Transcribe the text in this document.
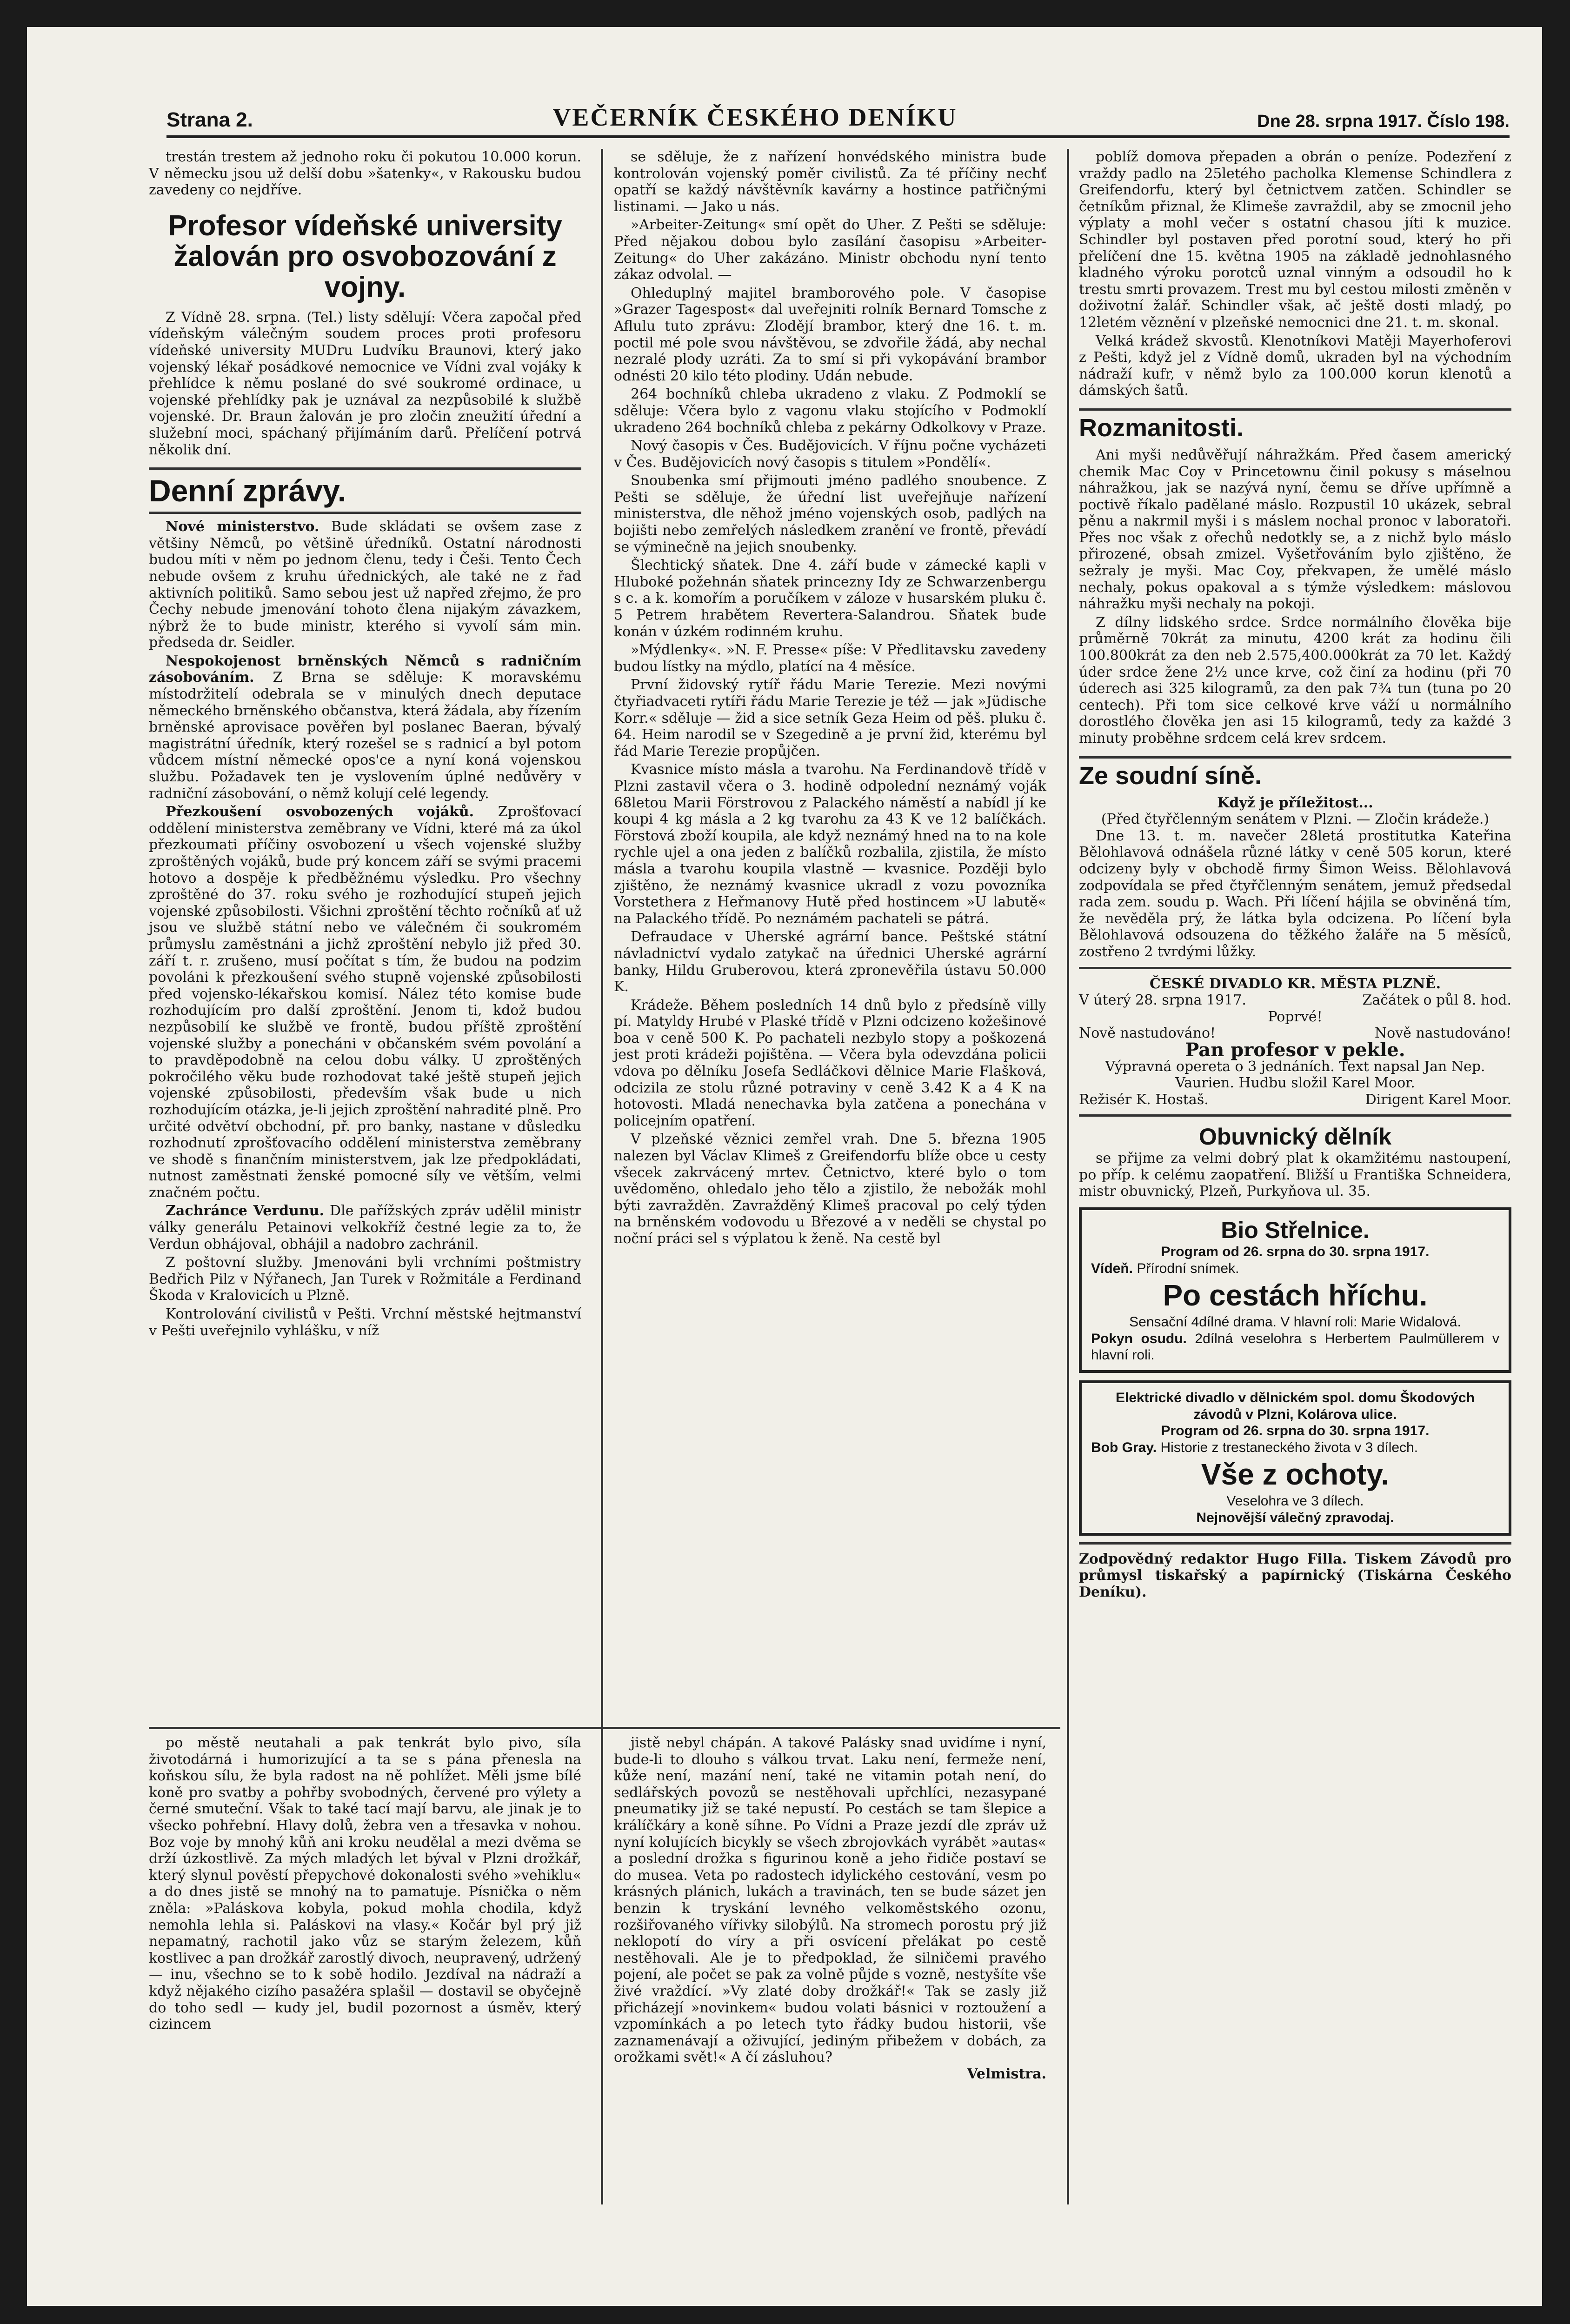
Strana 2.	VEČERNÍK ČESKÉHO DENÍKU	Dne 28. srpna 1917. Číslo 198.

trestán trestem až jednoho roku či pokutou 10.000 korun. V německu jsou už delší dobu »šatenky«, v Rakousku budou zavedeny co nejdříve.

Profesor vídeňské university žalován pro osvobozování z vojny.

Z Vídně 28. srpna. (Tel.) listy sdělují: Včera započal před vídeňským válečným soudem proces proti profesoru vídeňské university MUDru Ludvíku Braunovi, který jako vojenský lékař posádkové nemocnice ve Vídni zval vojáky k přehlídce k němu poslané do své soukromé ordinace, u vojenské přehlídky pak je uznával za nezpůsobilé k službě vojenské. Dr. Braun žalován je pro zločin zneužití úřední a služební moci, spáchaný přijímáním darů. Přelíčení potrvá několik dní.

Denní zprávy.

Nové ministerstvo. Bude skládati se ovšem zase z většiny Němců, po většině úředníků. Ostatní národnosti budou míti v něm po jednom členu, tedy i Češi. Tento Čech nebude ovšem z kruhu úřednických, ale také ne z řad aktivních politiků. Samo sebou jest už napřed zřejmo, že pro Čechy nebude jmenování tohoto člena nijakým závazkem, nýbrž že to bude ministr, kterého si vyvolí sám min. předseda dr. Seidler.

Nespokojenost brněnských Němců s radničním zásobováním. Z Brna se sděluje: K moravskému místodržitelí odebrala se v minulých dnech deputace německého brněnského občanstva, která žádala, aby řízením brněnské aprovisace pověřen byl poslanec Baeran, bývalý magistrátní úředník, který rozešel se s radnicí a byl potom vůdcem místní německé opos'ce a nyní koná vojenskou službu. Požadavek ten je vyslovením úplné nedůvěry v radniční zásobování, o němž kolují celé legendy.

Přezkoušení osvobozených vojáků. Zprošťovací oddělení ministerstva zeměbrany ve Vídni, které má za úkol přezkoumati příčiny osvobození u všech vojenské služby zproštěných vojáků, bude prý koncem září se svými pracemi hotovo a dospěje k předběžnému výsledku. Pro všechny zproštěné do 37. roku svého je rozhodující stupeň jejich vojenské způsobilosti. Všichni zproštění těchto ročníků ať už jsou ve službě státní nebo ve válečném či soukromém průmyslu zaměstnáni a jichž zproštění nebylo již před 30. září t. r. zrušeno, musí počítat s tím, že budou na podzim povoláni k přezkoušení svého stupně vojenské způsobilosti před vojensko-lékařskou komisí. Nález této komise bude rozhodujícím pro další zproštění. Jenom ti, kdož budou nezpůsobilí ke službě ve frontě, budou příště zproštění vojenské služby a ponecháni v občanském svém povolání a to pravděpodobně na celou dobu války. U zproštěných pokročilého věku bude rozhodovat také ještě stupeň jejich vojenské způsobilosti, především však bude u nich rozhodujícím otázka, je-li jejich zproštění nahradité plně. Pro určité odvětví obchodní, př. pro banky, nastane v důsledku rozhodnutí zprošťovacího oddělení ministerstva zeměbrany ve shodě s finančním ministerstvem, jak lze předpokládati, nutnost zaměstnati ženské pomocné síly ve větším, velmi značném počtu.

Zachránce Verdunu. Dle pařížských zpráv udělil ministr války generálu Petainovi velkokříž čestné legie za to, že Verdun obhájoval, obhájil a nadobro zachránil.

Z poštovní služby. Jmenováni byli vrchními poštmistry Bedřich Pilz v Nýřanech, Jan Turek v Rožmitále a Ferdinand Škoda v Kralovicích u Plzně.

Kontrolování civilistů v Pešti. Vrchní městské hejtmanství v Pešti uveřejnilo vyhlášku, v níž

se sděluje, že z nařízení honvédského ministra bude kontrolován vojenský poměr civilistů. Za té příčiny nechť opatří se každý návštěvník kavárny a hostince patřičnými listinami. — Jako u nás.

»Arbeiter-Zeitung« smí opět do Uher. Z Pešti se sděluje: Před nějakou dobou bylo zasílání časopisu »Arbeiter-Zeitung« do Uher zakázáno. Ministr obchodu nyní tento zákaz odvolal. —

Ohleduplný majitel bramborového pole. V časopise »Grazer Tagespost« dal uveřejniti rolník Bernard Tomsche z Aflulu tuto zprávu: Zlodějí brambor, který dne 16. t. m. poctil mé pole svou návštěvou, se zdvořile žádá, aby nechal nezralé plody uzráti. Za to smí si při vykopávání brambor odnésti 20 kilo této plodiny. Udán nebude.

264 bochníků chleba ukradeno z vlaku. Z Podmoklí se sděluje: Včera bylo z vagonu vlaku stojícího v Podmoklí ukradeno 264 bochníků chleba z pekárny Odkolkovy v Praze.

Nový časopis v Čes. Budějovicích. V říjnu počne vycházeti v Čes. Budějovicích nový časopis s titulem »Pondělí«.

Snoubenka smí přijmouti jméno padlého snoubence. Z Pešti se sděluje, že úřední list uveřejňuje nařízení ministerstva, dle něhož jméno vojenských osob, padlých na bojišti nebo zemřelých následkem zranění ve frontě, převádí se výminečně na jejich snoubenky.

Šlechtický sňatek. Dne 4. září bude v zámecké kapli v Hluboké požehnán sňatek princezny Idy ze Schwarzenbergu s c. a k. komořím a poručíkem v záloze v husarském pluku č. 5 Petrem hrabětem Revertera-Salandrou. Sňatek bude konán v úzkém rodinném kruhu.

»Mýdlenky«. »N. F. Presse« píše: V Předlitavsku zavedeny budou lístky na mýdlo, platící na 4 měsíce.

První židovský rytíř řádu Marie Terezie. Mezi novými čtyřiadvaceti rytíři řádu Marie Terezie je též — jak »Jüdische Korr.« sděluje — žid a sice setník Geza Heim od pěš. pluku č. 64. Heim narodil se v Szegedině a je první žid, kterému byl řád Marie Terezie propůjčen.

Kvasnice místo másla a tvarohu. Na Ferdinandově třídě v Plzni zastavil včera o 3. hodině odpolední neznámý voják 68letou Marii Förstrovou z Palackého náměstí a nabídl jí ke koupi 4 kg másla a 2 kg tvarohu za 43 K ve 12 balíčkách. Förstová zboží koupila, ale když neznámý hned na to na kole rychle ujel a ona jeden z balíčků rozbalila, zjistila, že místo másla a tvarohu koupila vlastně — kvasnice. Později bylo zjištěno, že neznámý kvasnice ukradl z vozu povozníka Vorstethera z Heřmanovy Hutě před hostincem »U labutě« na Palackého třídě. Po neznámém pachateli se pátrá.

Defraudace v Uherské agrární bance. Peštské státní návladnictví vydalo zatykač na úřednici Uherské agrární banky, Hildu Gruberovou, která zpronevěřila ústavu 50.000 K.

Krádeže. Během posledních 14 dnů bylo z předsíně villy pí. Matyldy Hrubé v Plaské třídě v Plzni odcizeno kožešinové boa v ceně 500 K. Po pachateli nezbylo stopy a poškozená jest proti krádeži pojištěna. — Včera byla odevzdána policii vdova po dělníku Josefa Sedláčkovi dělnice Marie Flašková, odcizila ze stolu různé potraviny v ceně 3.42 K a 4 K na hotovosti. Mladá nenechavka byla zatčena a ponechána v policejním opatření.

V plzeňské věznici zemřel vrah. Dne 5. března 1905 nalezen byl Václav Klimeš z Greifendorfu blíže obce u cesty všecek zakrvácený mrtev. Četnictvo, které bylo o tom uvědoměno, ohledalo jeho tělo a zjistilo, že nebožák mohl býti zavražděn. Zavražděný Klimeš pracoval po celý týden na brněnském vodovodu u Březové a v neděli se chystal po noční práci sel s výplatou k ženě. Na cestě byl

poblíž domova přepaden a obrán o peníze. Podezření z vraždy padlo na 25letého pacholka Klemense Schindlera z Greifendorfu, který byl četnictvem zatčen. Schindler se četníkům přiznal, že Klimeše zavraždil, aby se zmocnil jeho výplaty a mohl večer s ostatní chasou jíti k muzice. Schindler byl postaven před porotní soud, který ho při přelíčení dne 15. května 1905 na základě jednohlasného kladného výroku porotců uznal vinným a odsoudil ho k trestu smrti provazem. Trest mu byl cestou milosti změněn v doživotní žalář. Schindler však, ač ještě dosti mladý, po 12letém věznění v plzeňské nemocnici dne 21. t. m. skonal.

Velká krádež skvostů. Klenotníkovi Matěji Mayerhoferovi z Pešti, když jel z Vídně domů, ukraden byl na východním nádraží kufr, v němž bylo za 100.000 korun klenotů a dámských šatů.

Rozmanitosti.

Ani myši nedůvěřují náhražkám. Před časem americký chemik Mac Coy v Princetownu činil pokusy s máselnou náhražkou, jak se nazývá nyní, čemu se dříve upřímně a poctivě říkalo padělané máslo. Rozpustil 10 ukázek, sebral pěnu a nakrmil myši i s máslem nochal pronoc v laboratoři. Přes noc však z ořechů nedotkly se, a z nichž bylo máslo přirozené, obsah zmizel. Vyšetřováním bylo zjištěno, že sežraly je myši. Mac Coy, překvapen, že umělé máslo nechaly, pokus opakoval a s týmže výsledkem: máslovou náhražku myši nechaly na pokoji.

Z dílny lidského srdce. Srdce normálního člověka bije průměrně 70krát za minutu, 4200 krát za hodinu čili 100.800krát za den neb 2.575,400.000krát za 70 let. Každý úder srdce žene 2½ unce krve, což činí za hodinu (při 70 úderech asi 325 kilogramů, za den pak 7¾ tun (tuna po 20 centech). Při tom sice celkové krve váží u normálního dorostlého člověka jen asi 15 kilogramů, tedy za každé 3 minuty proběhne srdcem celá krev srdcem.

Ze soudní síně.
Když je příležitost...
(Před čtyřčlenným senátem v Plzni. — Zločin krádeže.)

Dne 13. t. m. navečer 28letá prostitutka Kateřina Bělohlavová odnášela různé látky v ceně 505 korun, které odcizeny byly v obchodě firmy Šimon Weiss. Bělohlavová zodpovídala se před čtyřčlenným senátem, jemuž předsedal rada zem. soudu p. Wach. Při líčení hájila se obviněná tím, že nevěděla prý, že látka byla odcizena. Po líčení byla Bělohlavová odsouzena do těžkého žaláře na 5 měsíců, zostřeno 2 tvrdými lůžky.

ČESKÉ DIVADLO KR. MĚSTA PLZNĚ.
V úterý 28. srpna 1917.	Začátek o půl 8. hod.
Poprvé!
Nově nastudováno!	Nově nastudováno!
Pan profesor v pekle.
Výpravná opereta o 3 jednáních. Text napsal Jan Nep. Vaurien. Hudbu složil Karel Moor.
Režisér K. Hostaš.	Dirigent Karel Moor.
Obuvnický dělník

se přijme za velmi dobrý plat k okamžitému nastoupení, po příp. k celému zaopatření. Bližší u Františka Schneidera, mistr obuvnický, Plzeň, Purkyňova ul. 35.

Bio Střelnice.
Program od 26. srpna do 30. srpna 1917.
Vídeň. Přírodní snímek.
Po cestách hříchu.
Sensační 4dílné drama. V hlavní roli: Marie Widalová.
Pokyn osudu. 2dílná veselohra s Herbertem Paulmüllerem v hlavní roli.
Elektrické divadlo v dělnickém spol. domu Škodových závodů v Plzni, Kolárova ulice.
Program od 26. srpna do 30. srpna 1917.
Bob Gray. Historie z trestaneckého života v 3 dílech.
Vše z ochoty.
Veselohra ve 3 dílech.
Nejnovější válečný zpravodaj.
Zodpovědný redaktor Hugo Filla. Tiskem Závodů pro průmysl tiskařský a papírnický (Tiskárna Českého Deníku).

po městě neutahali a pak tenkrát bylo pivo, síla životodárná i humorizující a ta se s pána přenesla na koňskou sílu, že byla radost na ně pohlížet. Měli jsme bílé koně pro svatby a pohřby svobodných, červené pro výlety a černé smuteční. Však to také tací mají barvu, ale jinak je to všecko pohřební. Hlavy dolů, žebra ven a třesavka v nohou. Boz voje by mnohý kůň ani kroku neudělal a mezi dvěma se drží úzkostlivě. Za mých mladých let býval v Plzni drožkář, který slynul pověstí přepychové dokonalosti svého »vehiklu« a do dnes jistě se mnohý na to pamatuje. Písnička o něm zněla: »Paláskova kobyla, pokud mohla chodila, když nemohla lehla si. Paláskovi na vlasy.« Kočár byl prý již nepamatný, rachotil jako vůz se starým železem, kůň kostlivec a pan drožkář zarostlý divoch, neupravený, udržený — inu, všechno se to k sobě hodilo. Jezdíval na nádraží a když nějakého cizího pasažéra splašil — dostavil se obyčejně do toho sedl — kudy jel, budil pozornost a úsměv, který cizincem

jistě nebyl chápán. A takové Palásky snad uvidíme i nyní, bude-li to dlouho s válkou trvat. Laku není, fermeže není, kůže není, mazání není, také ne vitamin potah není, do sedlářských povozů se nestěhovali upřchlíci, nezasypané pneumatiky již se také nepustí. Po cestách se tam šlepice a králíčkáry a koně síhne. Po Vídni a Praze jezdí dle zpráv už nyní kolujících bicykly se všech zbrojovkách vyrábět »autas« a poslední drožka s figurinou koně a jeho řidiče postaví se do musea. Veta po radostech idylického cestování, vesm po krásných plánich, lukách a travinách, ten se bude sázet jen benzin k tryskání levného velkoměstského ozonu, rozšiřovaného vířivky silobýlů. Na stromech porostu prý již neklopotí do víry a při osvícení přelákat po cestě nestěhovali. Ale je to předpoklad, že silničemi pravého pojení, ale počet se pak za volně půjde s vozně, nestyšíte vše živé vraždící. »Vy zlaté doby drožkář!« Tak se zasly již přicházejí »novinkem« budou volati básnici v roztoužení a vzpomínkách a po letech tyto řádky budou historii, vše zaznamenávají a oživující, jediným přibežem v dobách, za orožkami svět!« A čí zásluhou?

Velmistra.
